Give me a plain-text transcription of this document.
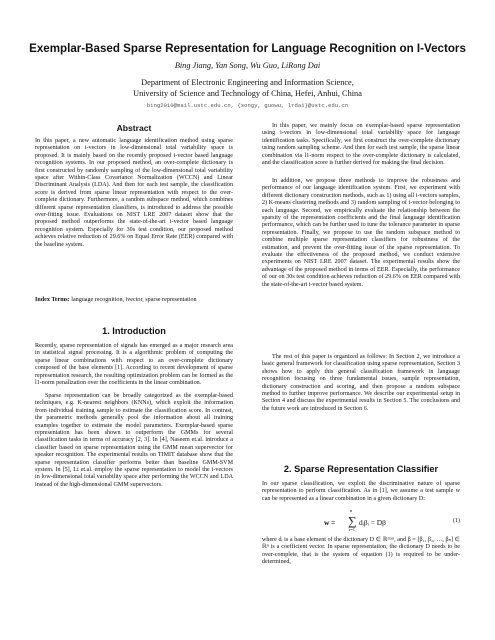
Exemplar-Based Sparse Representation for Language Recognition on I-Vectors
Bing Jiang, Yan Song, Wu Guo, LiRong Dai
Department of Electronic Engineering and Information Science,
University of Science and Technology of China, Hefei, Anhui, China
bing2010@mail.ustc.edu.cn, {songy, guowu, lrdai}@ustc.edu.cn
Abstract

In this paper, a new automatic language identification method using sparse representation on i-vectors in low-dimensional total variability space is proposed. It is mainly based on the recently proposed i-vector based language recognition systems. In our proposed method, an over-complete dictionary is first constructed by randomly sampling of the low-dimensional total variability space after Within-Class Covariance Normalization (WCCN) and Linear Discriminant Analysis (LDA). And then for each test sample, the classification score is derived from sparse linear representation with respect to the over-complete dictionary. Furthermore, a random subspace method, which combines different sparse representation classifiers, is introduced to address the possible over-fitting issue. Evaluations on NIST LRE 2007 dataset show that the proposed method outperforms the state-of-the-art i-vector based language recognition system. Especially for 30s test condition, our proposed method achieves relative reduction of 29.6% on Equal Error Rate (EER) compared with the baseline system.

Index Terms: language recognition, ivector, sparse representation

1. Introduction

Recently, sparse representation of signals has emerged as a major research area in statistical signal processing. It is a algorithmic problem of computing the sparse linear combinations with respect to an over-complete dictionary composed of the base elements [1]. According to recent development of sparse representation research, the resulting optimization problem can be formed as the l1-norm penalization over the coefficients in the linear combination.

Sparse representation can be broadly categorized as the exemplar-based techniques, e.g. K-nearest neighbors (KNNs), which exploit the information from individual training sample to estimate the classification score. In contrast, the parametric methods generally pool the information about all training examples together to estimate the model parameters. Exemplar-based sparse representation has been shown to outperform the GMMs for several classification tasks in terms of accuracy [2, 3]. In [4], Naseem et.al. introduce a classifier based on sparse representation using the GMM mean supervector for speaker recognition. The experimental results on TIMIT database show that the sparse representation classifier performs better than baseline GMM-SVM system. In [5], Li et.al. employ the sparse representation to model the i-vectors in low-dimensional total variability space after performing the WCCN and LDA instead of the high-dimensional GMM supervectors.

In this paper, we mainly focus on exemplar-based sparse representation using i-vectors in low-dimensional total variability space for language identification tasks. Specifically, we first construct the over-complete dictionary using random sampling scheme. And then for each test sample, the sparse linear combination via l1-norm respect to the over-complete dictionary is calculated, and the classification score is further derived for making the final decision.

In addition, we propose three methods to improve the robustness and performance of our language identification system. First, we experiment with different dictionary construction methods, such as 1) using all i-vectors samples, 2) K-means clustering methods and 3) random sampling of i-vector belonging to each language. Second, we empirically evaluate the relationship between the sparsity of the representation coefficients and the final language identification performance, which can be further used to tune the tolerance parameter in sparse representation. Finally, we propose to use the random subspace method to combine multiple sparse representation classifiers for robustness of the estimation, and prevent the over-fitting issue of the sparse representation. To evaluate the effectiveness of the proposed method, we conduct extensive experiments on NIST LRE 2007 dataset. The experimental results show the advantage of the proposed method in terms of EER. Especially, the performance of our on 30s test condition achieves reduction of 29.6% on EER compared with the state-of-the-art i-vector based system.

The rest of this paper is organized as follows: In Section 2, we introduce a basic general framework for classification using sparse representation, Section 3 shows how to apply this general classification framework in language recognition focusing on three fundamental issues, sample representation, dictionary construction and scoring, and then propose a random subspace method to further improve performance. We describe our experimental setup in Section 4 and discuss the experimental results in Section 5. The conclusions and the future work are introduced in Section 6.

2. Sparse Representation Classifier

In our sparse classification, we exploit the discriminative nature of sparse representation to perform classification. As in [1], we assume a test sample w can be represented as a linear combination in a given dictionary D:

w =
n
∑
i=1
dᵢβᵢ = Dβ	(1)

where dᵢ is a base element of the dictionary D ∈ ℝᵐˣⁿ, and β = [β₁, β₂, …, βₙ] ∈ ℝⁿ is a coefficient vector. In sparse representation, the dictionary D needs to be over-complete, that is the system of equation (1) is required to be under-determined,
